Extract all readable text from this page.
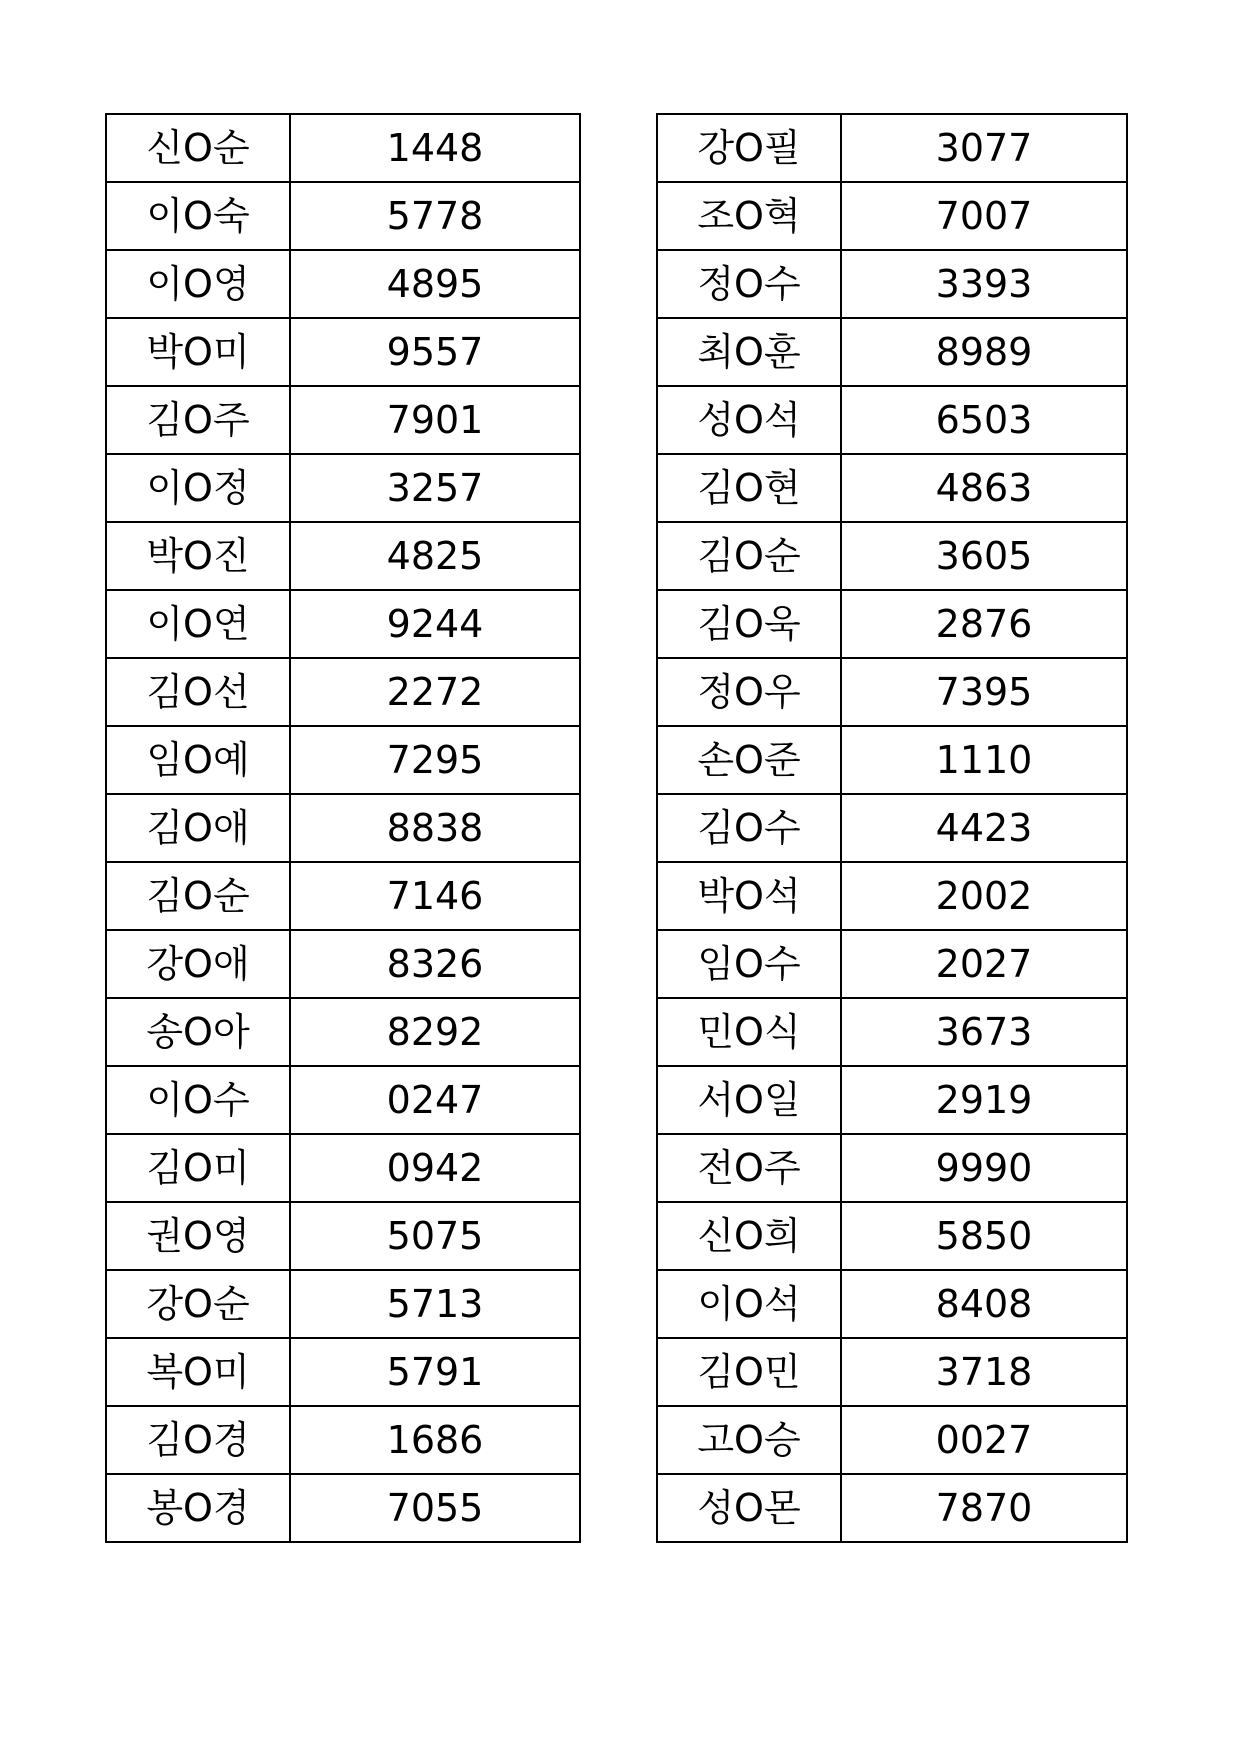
신O순	1448
이O숙	5778
이O영	4895
박O미	9557
김O주	7901
이O정	3257
박O진	4825
이O연	9244
김O선	2272
임O예	7295
김O애	8838
김O순	7146
강O애	8326
송O아	8292
이O수	0247
김O미	0942
권O영	5075
강O순	5713
복O미	5791
김O경	1686
봉O경	7055
강O필	3077
조O혁	7007
정O수	3393
최O훈	8989
성O석	6503
김O현	4863
김O순	3605
김O욱	2876
정O우	7395
손O준	1110
김O수	4423
박O석	2002
임O수	2027
민O식	3673
서O일	2919
전O주	9990
신O희	5850
이O석	8408
김O민	3718
고O승	0027
성O몬	7870
